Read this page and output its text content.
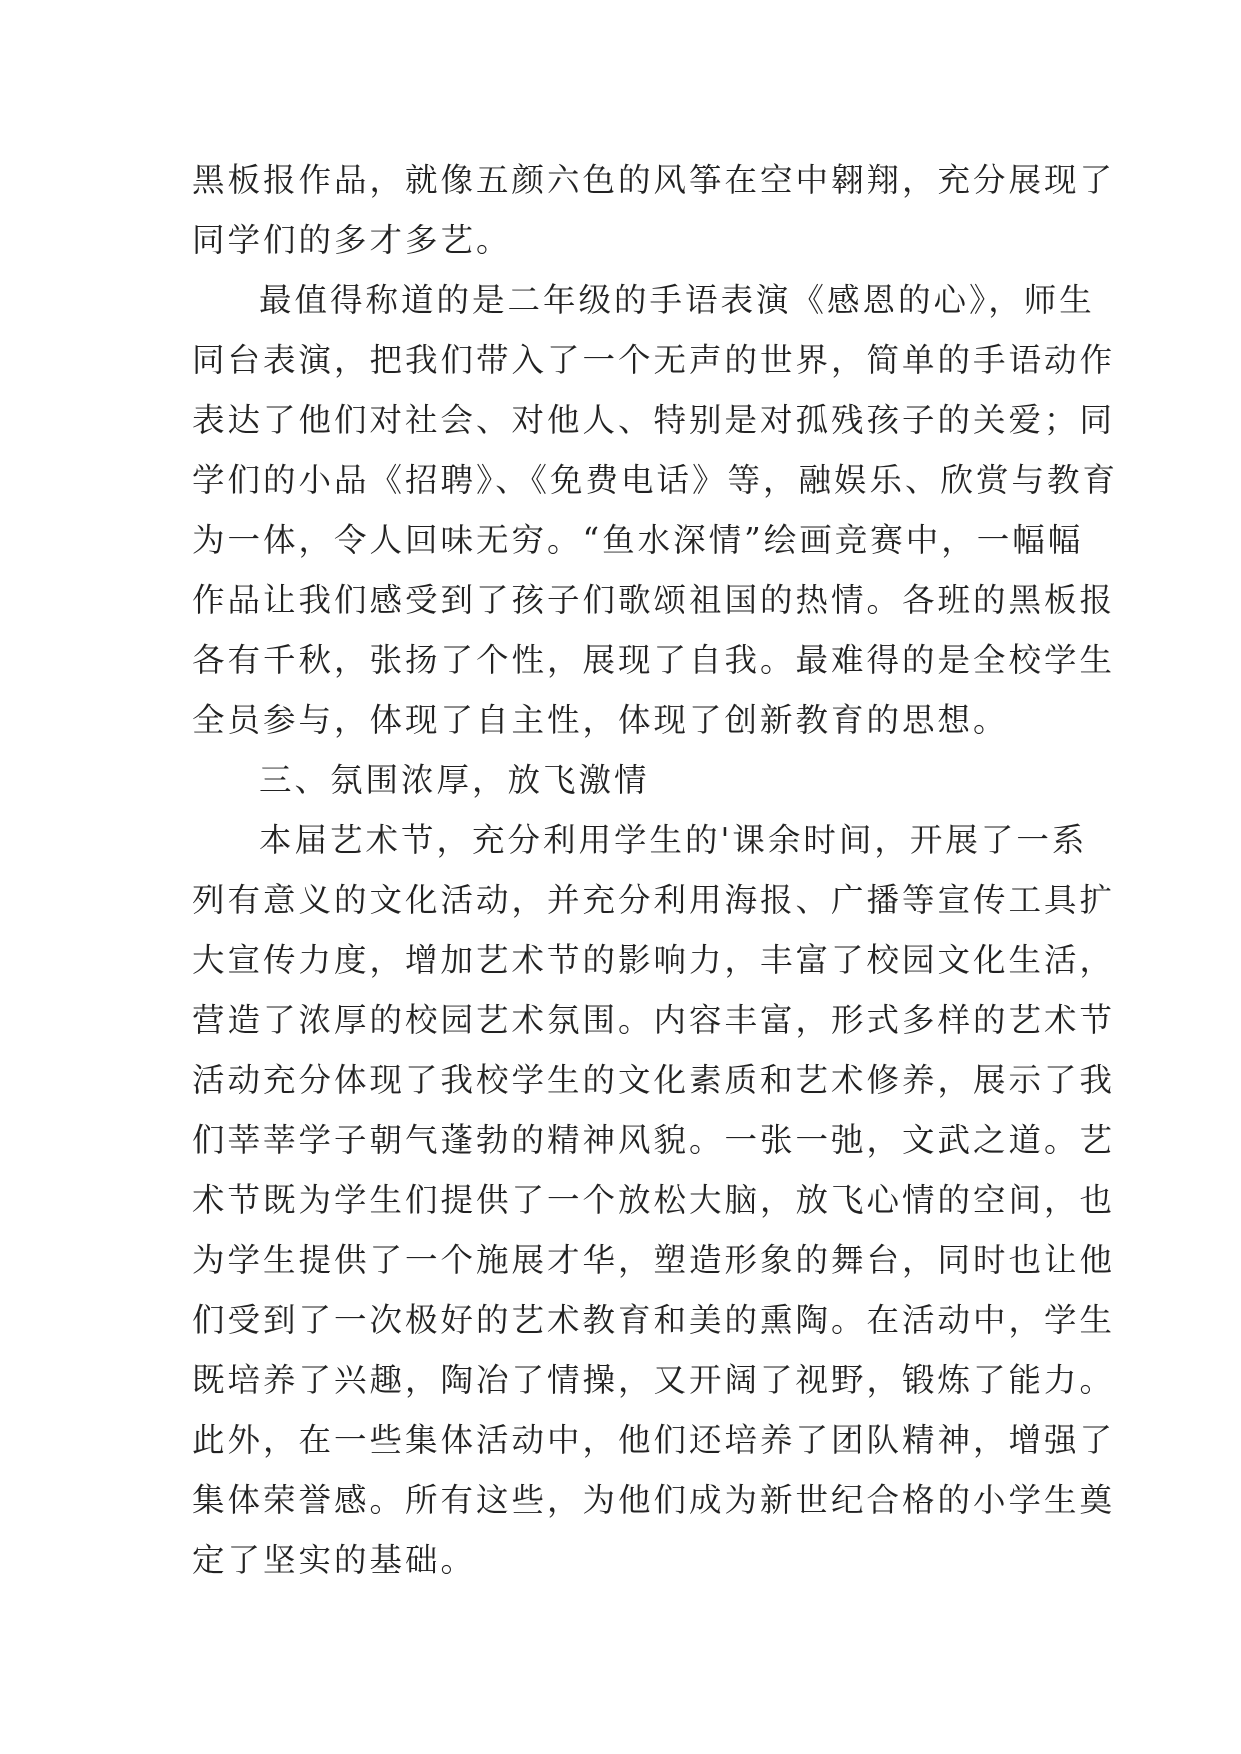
黑板报作品，就像五颜六色的风筝在空中翱翔，充分展现了
同学们的多才多艺。
最值得称道的是二年级的手语表演《感恩的心》，师生
同台表演，把我们带入了一个无声的世界，简单的手语动作
表达了他们对社会、对他人、特别是对孤残孩子的关爱；同
学们的小品《招聘》、《免费电话》等，融娱乐、欣赏与教育
为一体，令人回味无穷。“鱼水深情”绘画竞赛中，一幅幅
作品让我们感受到了孩子们歌颂祖国的热情。各班的黑板报
各有千秋，张扬了个性，展现了自我。最难得的是全校学生
全员参与，体现了自主性，体现了创新教育的思想。
三、氛围浓厚，放飞激情
本届艺术节，充分利用学生的'课余时间，开展了一系
列有意义的文化活动，并充分利用海报、广播等宣传工具扩
大宣传力度，增加艺术节的影响力，丰富了校园文化生活，
营造了浓厚的校园艺术氛围。内容丰富，形式多样的艺术节
活动充分体现了我校学生的文化素质和艺术修养，展示了我
们莘莘学子朝气蓬勃的精神风貌。一张一弛，文武之道。艺
术节既为学生们提供了一个放松大脑，放飞心情的空间，也
为学生提供了一个施展才华，塑造形象的舞台，同时也让他
们受到了一次极好的艺术教育和美的熏陶。在活动中，学生
既培养了兴趣，陶冶了情操，又开阔了视野，锻炼了能力。
此外，在一些集体活动中，他们还培养了团队精神，增强了
集体荣誉感。所有这些，为他们成为新世纪合格的小学生奠
定了坚实的基础。
